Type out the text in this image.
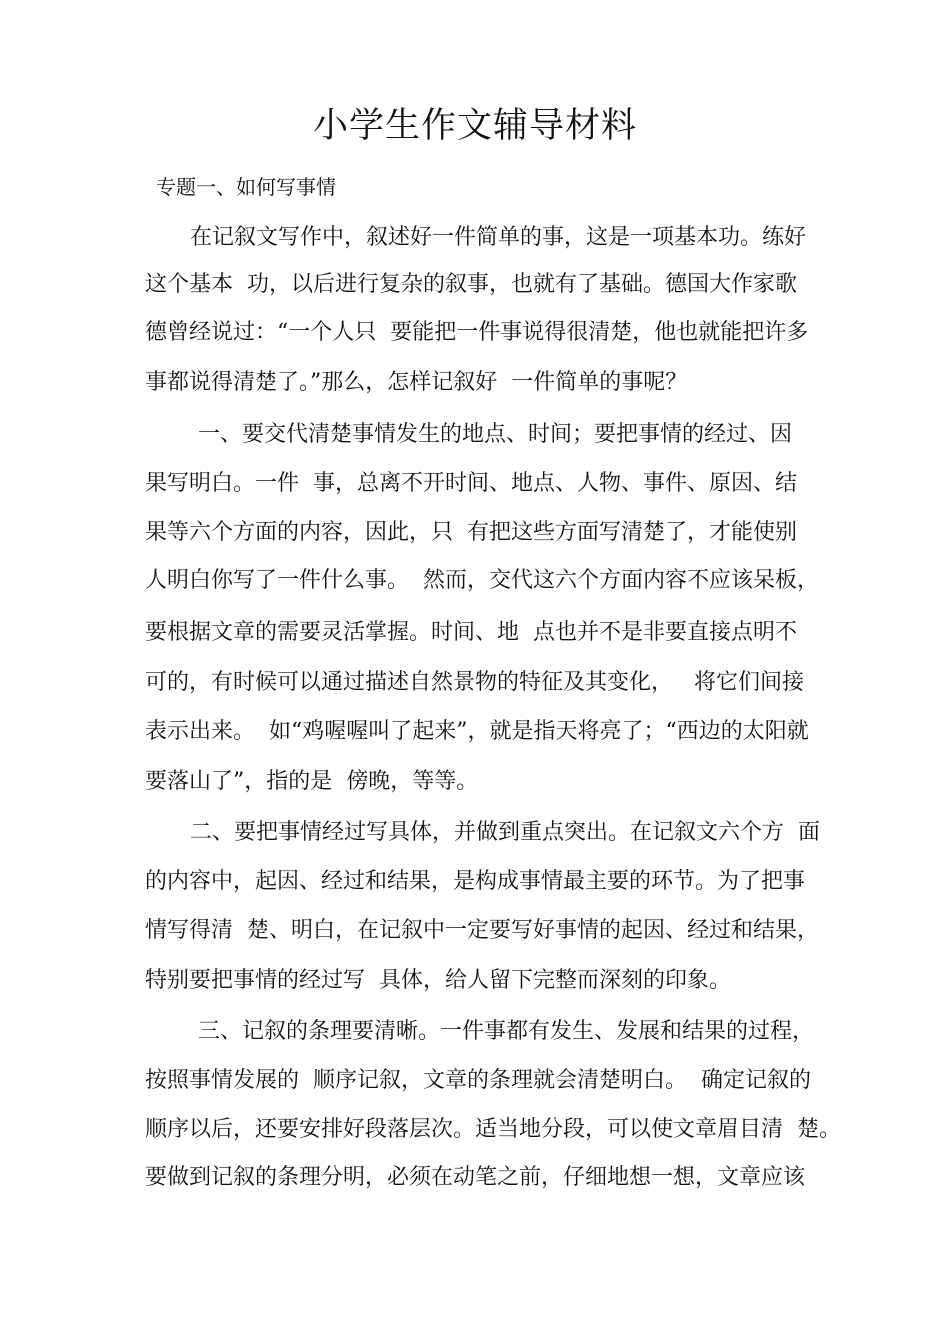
小学生作文辅导材料
专题一、如何写事情
在记叙文写作中，叙述好一件简单的事，这是一项基本功。练好
这个基本  功，以后进行复杂的叙事，也就有了基础。德国大作家歌
德曾经说过：“一个人只  要能把一件事说得很清楚，他也就能把许多
事都说得清楚了。”那么，怎样记叙好  一件简单的事呢？
一、要交代清楚事情发生的地点、时间；要把事情的经过、因
果写明白。一件  事，总离不开时间、地点、人物、事件、原因、结
果等六个方面的内容，因此，只  有把这些方面写清楚了，才能使别
人明白你写了一件什么事。  然而，交代这六个方面内容不应该呆板，
要根据文章的需要灵活掌握。时间、地  点也并不是非要直接点明不
可的，有时候可以通过描述自然景物的特征及其变化，   将它们间接
表示出来。  如“鸡喔喔叫了起来”，就是指天将亮了；“西边的太阳就
要落山了”，指的是  傍晚，等等。
二、要把事情经过写具体，并做到重点突出。在记叙文六个方  面
的内容中，起因、经过和结果，是构成事情最主要的环节。为了把事
情写得清  楚、明白，在记叙中一定要写好事情的起因、经过和结果，
特别要把事情的经过写  具体，给人留下完整而深刻的印象。
三、记叙的条理要清晰。一件事都有发生、发展和结果的过程，
按照事情发展的  顺序记叙，文章的条理就会清楚明白。  确定记叙的
顺序以后，还要安排好段落层次。适当地分段，可以使文章眉目清  楚。
要做到记叙的条理分明，必须在动笔之前，仔细地想一想，文章应该
